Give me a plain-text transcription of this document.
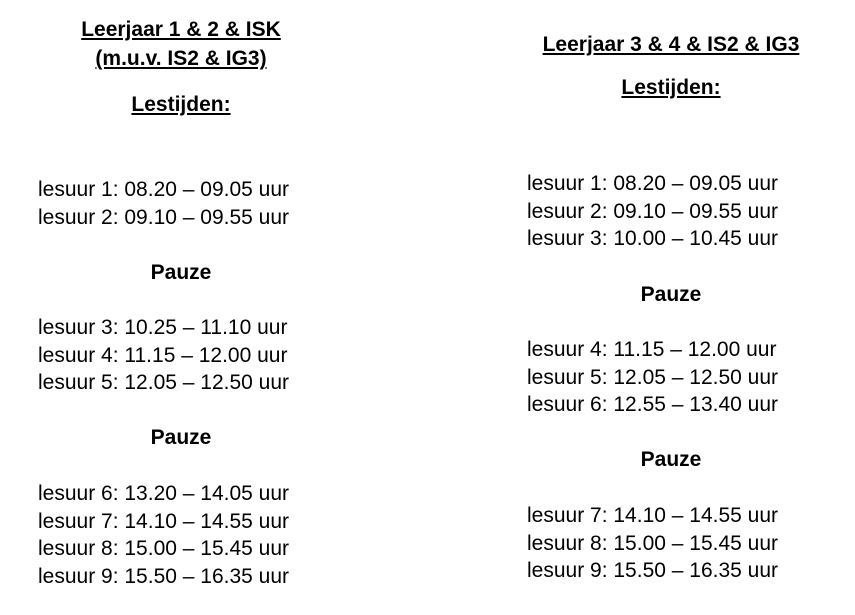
Leerjaar 1 & 2 & ISK
(m.u.v. IS2 & IG3)
Lestijden:
lesuur 1: 08.20 – 09.05 uur
lesuur 2: 09.10 – 09.55 uur
Pauze
lesuur 3: 10.25 – 11.10 uur
lesuur 4: 11.15 – 12.00 uur
lesuur 5: 12.05 – 12.50 uur
Pauze
lesuur 6: 13.20 – 14.05 uur
lesuur 7: 14.10 – 14.55 uur
lesuur 8: 15.00 – 15.45 uur
lesuur 9: 15.50 – 16.35 uur
Leerjaar 3 & 4 & IS2 & IG3
Lestijden:
lesuur 1: 08.20 – 09.05 uur
lesuur 2: 09.10 – 09.55 uur
lesuur 3: 10.00 – 10.45 uur
Pauze
lesuur 4: 11.15 – 12.00 uur
lesuur 5: 12.05 – 12.50 uur
lesuur 6: 12.55 – 13.40 uur
Pauze
lesuur 7: 14.10 – 14.55 uur
lesuur 8: 15.00 – 15.45 uur
lesuur 9: 15.50 – 16.35 uur
